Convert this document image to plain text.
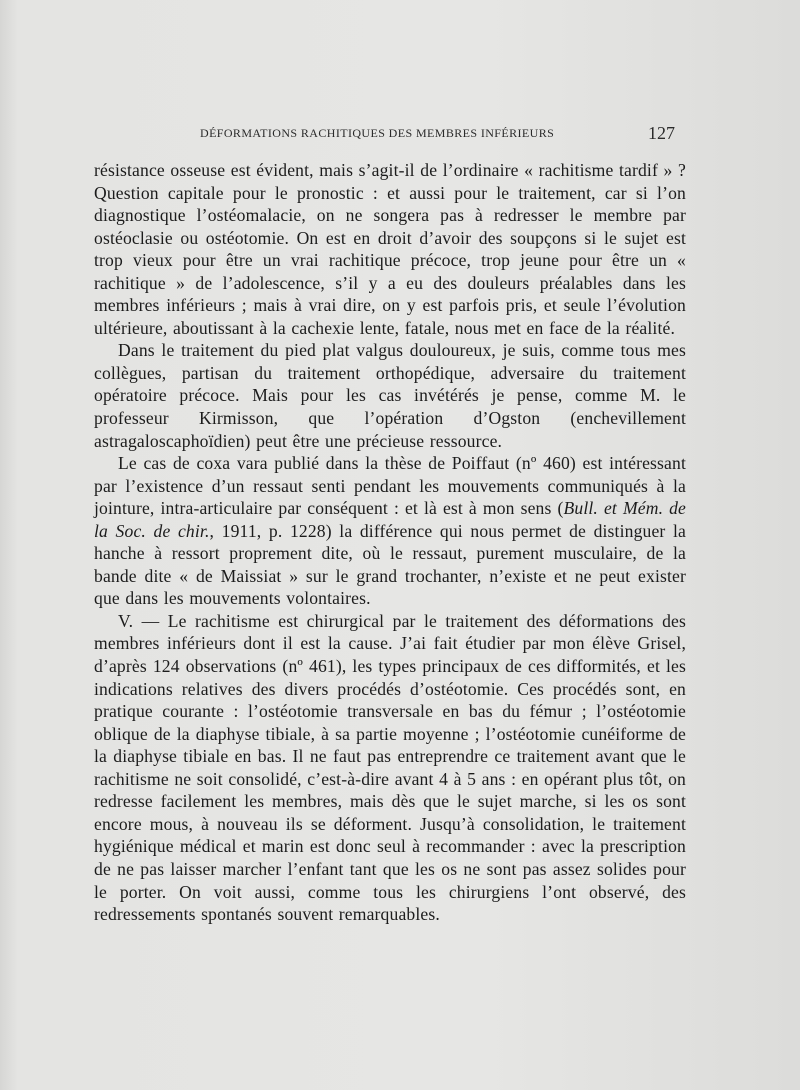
DÉFORMATIONS RACHITIQUES DES MEMBRES INFÉRIEURS	127

résistance osseuse est évident, mais s’agit-il de l’ordinaire « rachitisme tardif » ? Question capitale pour le pronostic : et aussi pour le traitement, car si l’on diagnostique l’ostéomalacie, on ne songera pas à redresser le membre par ostéoclasie ou ostéotomie. On est en droit d’avoir des soupçons si le sujet est trop vieux pour être un vrai rachitique précoce, trop jeune pour être un « rachitique » de l’adolescence, s’il y a eu des douleurs préalables dans les membres inférieurs ; mais à vrai dire, on y est parfois pris, et seule l’évolution ultérieure, aboutissant à la cachexie lente, fatale, nous met en face de la réalité.

Dans le traitement du pied plat valgus douloureux, je suis, comme tous mes collègues, partisan du traitement orthopédique, adversaire du traitement opératoire précoce. Mais pour les cas invétérés je pense, comme M. le professeur Kirmisson, que l’opération d’Ogston (enchevillement astragaloscaphoïdien) peut être une précieuse ressource.

Le cas de coxa vara publié dans la thèse de Poiffaut (nº 460) est intéressant par l’existence d’un ressaut senti pendant les mouvements communiqués à la jointure, intra-articulaire par conséquent : et là est à mon sens (Bull. et Mém. de la Soc. de chir., 1911, p. 1228) la différence qui nous permet de distinguer la hanche à ressort proprement dite, où le ressaut, purement musculaire, de la bande dite « de Maissiat » sur le grand trochanter, n’existe et ne peut exister que dans les mouvements volontaires.

V. — Le rachitisme est chirurgical par le traitement des déformations des membres inférieurs dont il est la cause. J’ai fait étudier par mon élève Grisel, d’après 124 observations (nº 461), les types principaux de ces difformités, et les indications relatives des divers procédés d’ostéotomie. Ces procédés sont, en pratique courante : l’ostéotomie transversale en bas du fémur ; l’ostéotomie oblique de la diaphyse tibiale, à sa partie moyenne ; l’ostéotomie cunéiforme de la diaphyse tibiale en bas. Il ne faut pas entreprendre ce traitement avant que le rachitisme ne soit consolidé, c’est-à-dire avant 4 à 5 ans : en opérant plus tôt, on redresse facilement les membres, mais dès que le sujet marche, si les os sont encore mous, à nouveau ils se déforment. Jusqu’à consolidation, le traitement hygiénique médical et marin est donc seul à recommander : avec la prescription de ne pas laisser marcher l’enfant tant que les os ne sont pas assez solides pour le porter. On voit aussi, comme tous les chirurgiens l’ont observé, des redressements spontanés souvent remarquables.
